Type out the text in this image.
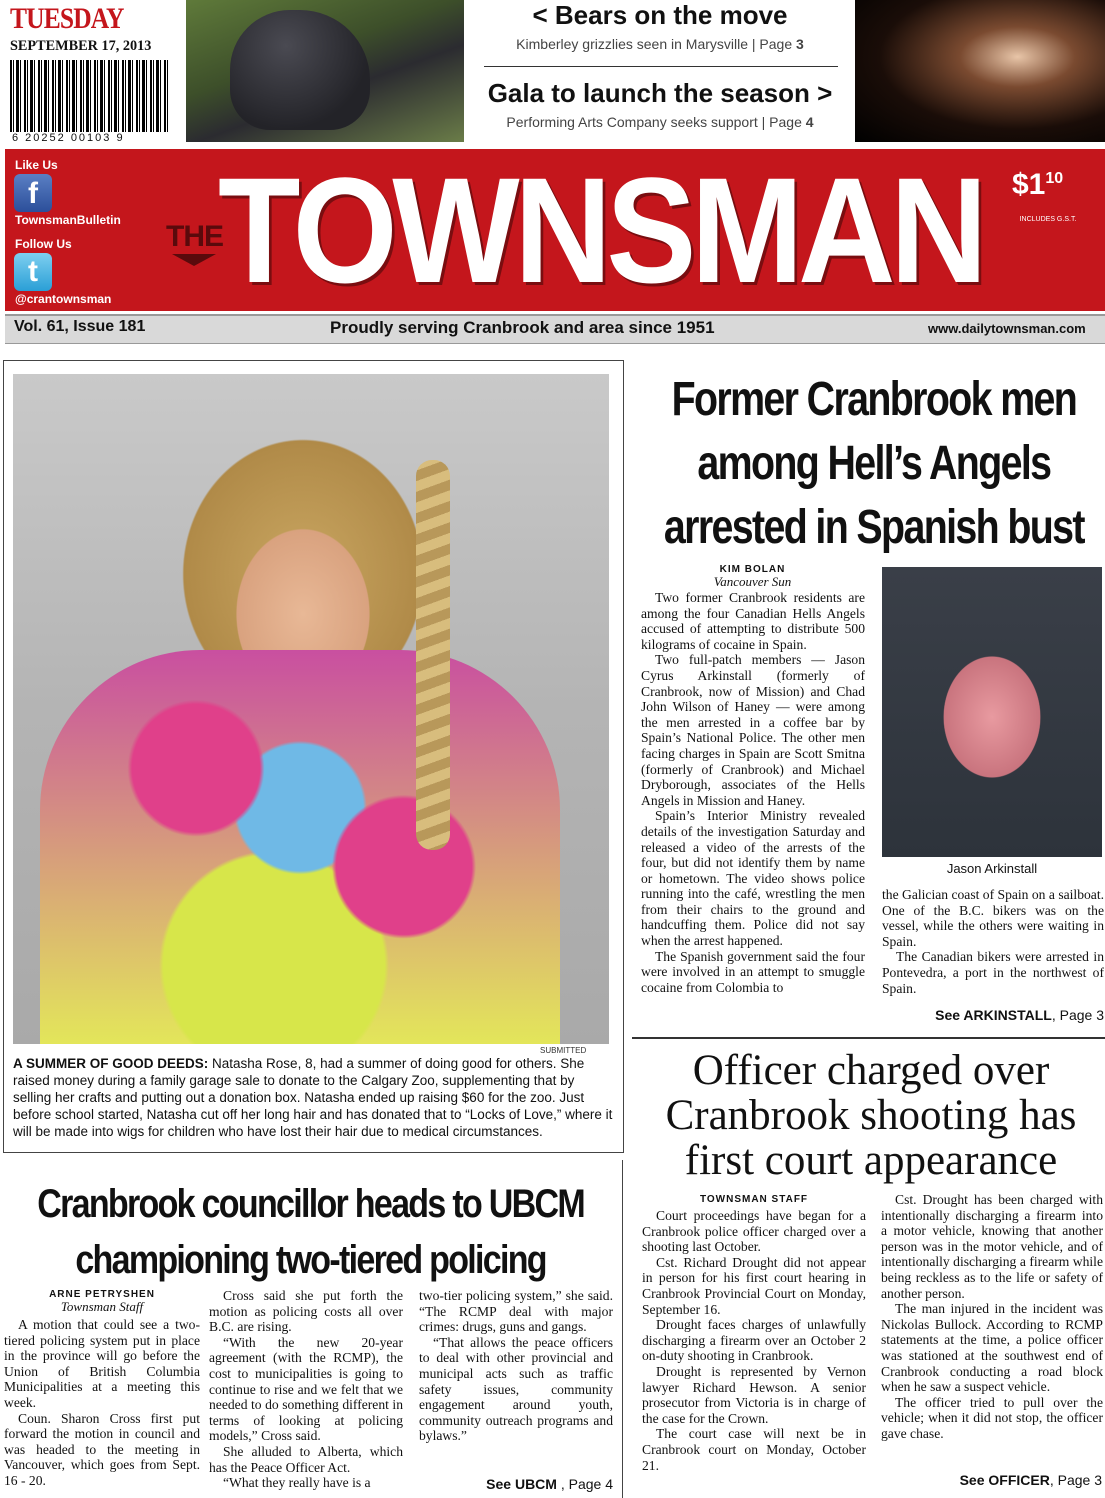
TUESDAY
SEPTEMBER 17, 2013
6 20252 00103 9
< Bears on the move
Kimberley grizzlies seen in Marysville | Page 3
Gala to launch the season >
Performing Arts Company seeks support | Page 4
Like Us
f
TownsmanBulletin
Follow Us
t
@crantownsman
THE
TOWNSMAN $\$1^{10}$
INCLUDES G.S.T.
Vol. 61, Issue 181	Proudly serving Cranbrook and area since 1951	www.dailytownsman.com
SUBMITTED
A SUMMER OF GOOD DEEDS: Natasha Rose, 8, had a summer of doing good for others. She raised money during a family garage sale to donate to the Calgary Zoo, supplementing that by selling her crafts and putting out a donation box. Natasha ended up raising $60 for the zoo. Just before school started, Natasha cut off her long hair and has donated that to “Locks of Love,” where it will be made into wigs for children who have lost their hair due to medical circumstances.
Former Cranbrook men among Hell’s Angels arrested in Spanish bust
KIM BOLAN
Vancouver Sun

Two former Cranbrook residents are among the four Canadian Hells Angels accused of attempting to distribute 500 kilograms of cocaine in Spain.

Two full-patch members — Jason Cyrus Arkinstall (formerly of Cranbrook, now of Mission) and Chad John Wilson of Haney — were among the men arrested in a coffee bar by Spain’s National Police. The other men facing charges in Spain are Scott Smitna (formerly of Cranbrook) and Michael Dryborough, associates of the Hells Angels in Mission and Haney.

Spain’s Interior Ministry revealed details of the investigation Saturday and released a video of the arrests of the four, but did not identify them by name or hometown. The video shows police running into the café, wrestling the men from their chairs to the ground and handcuffing them. Police did not say when the arrest happened.

The Spanish government said the four were involved in an attempt to smuggle cocaine from Colombia to

Jason Arkinstall
the Galician coast of Spain on a sailboat. One of the B.C. bikers was on the vessel, while the others were waiting in Spain.

The Canadian bikers were arrested in Pontevedra, a port in the northwest of Spain.

See ARKINSTALL, Page 3
Officer charged over Cranbrook shooting has first court appearance
TOWNSMAN STAFF

Court proceedings have began for a Cranbrook police officer charged over a shooting last October.

Cst. Richard Drought did not appear in person for his first court hearing in Cranbrook Provincial Court on Monday, September 16.

Drought faces charges of unlawfully discharging a firearm over an October 2 on-duty shooting in Cranbrook.

Drought is represented by Vernon lawyer Richard Hewson. A senior prosecutor from Victoria is in charge of the case for the Crown.

The court case will next be in Cranbrook court on Monday, October 21.

Cst. Drought has been charged with intentionally discharging a firearm into a motor vehicle, knowing that another person was in the motor vehicle, and of intentionally discharging a firearm while being reckless as to the life or safety of another person.

The man injured in the incident was Nickolas Bullock. According to RCMP statements at the time, a police officer was stationed at the southwest end of Cranbrook conducting a road block when he saw a suspect vehicle.

The officer tried to pull over the vehicle; when it did not stop, the officer gave chase.

See OFFICER, Page 3
Cranbrook councillor heads to UBCM championing two-tiered policing
ARNE PETRYSHEN
Townsman Staff

A motion that could see a two-tiered policing system put in place in the province will go before the Union of British Columbia Municipalities at a meeting this week.

Coun. Sharon Cross first put forward the motion in council and was headed to the meeting in Vancouver, which goes from Sept. 16 - 20.

Cross said she put forth the motion as policing costs all over B.C. are rising.

“With the new 20-year agreement (with the RCMP), the cost to municipalities is going to continue to rise and we felt that we needed to do something different in terms of looking at policing models,” Cross said.

She alluded to Alberta, which has the Peace Officer Act.

“What they really have is a

two-tier policing system,” she said. “The RCMP deal with major crimes: drugs, guns and gangs.

“That allows the peace officers to deal with other provincial and municipal acts such as traffic safety issues, community engagement around youth, community outreach programs and bylaws.”

See UBCM , Page 4
